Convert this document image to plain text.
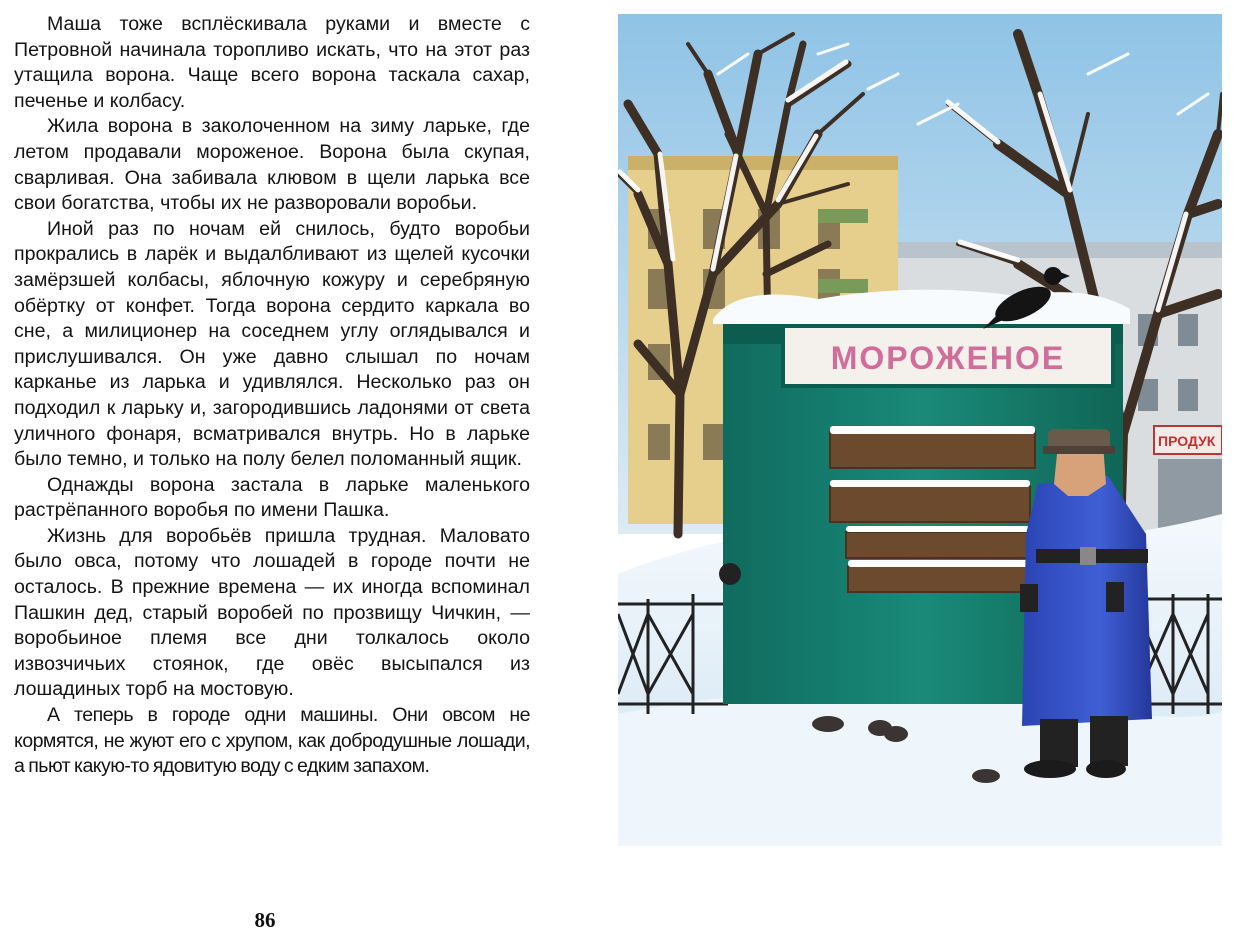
Маша тоже всплёскивала руками и вместе с Петровной начинала торопливо искать, что на этот раз утащила ворона. Чаще всего ворона таскала сахар, печенье и колбасу.

Жила ворона в заколоченном на зиму ларьке, где летом продавали мороженое. Ворона была скупая, сварливая. Она забивала клювом в щели ларька все свои богатства, чтобы их не разворовали воробьи.

Иной раз по ночам ей снилось, будто воробьи прокрались в ларёк и выдалбливают из щелей кусочки замёрзшей колбасы, яблочную кожуру и серебряную обёртку от конфет. Тогда ворона сердито каркала во сне, а милиционер на соседнем углу оглядывался и прислушивался. Он уже давно слышал по ночам карканье из ларька и удивлялся. Несколько раз он подходил к ларьку и, загородившись ладонями от света уличного фонаря, всматривался внутрь. Но в ларьке было темно, и только на полу белел поломанный ящик.

Однажды ворона застала в ларьке маленького растрёпанного воробья по имени Пашка.

Жизнь для воробьёв пришла трудная. Маловато было овса, потому что лошадей в городе почти не осталось. В прежние времена — их иногда вспоминал Пашкин дед, старый воробей по прозвищу Чичкин, — воробьиное племя все дни толкалось около извозчичьих стоянок, где овёс высыпался из лошадиных торб на мостовую.

А теперь в городе одни машины. Они овсом не кормятся, не жуют его с хрупом, как добродушные лошади, а пьют какую-то ядовитую воду с едким запахом.

86
ПРОДУК
МОРОЖЕНОЕ
